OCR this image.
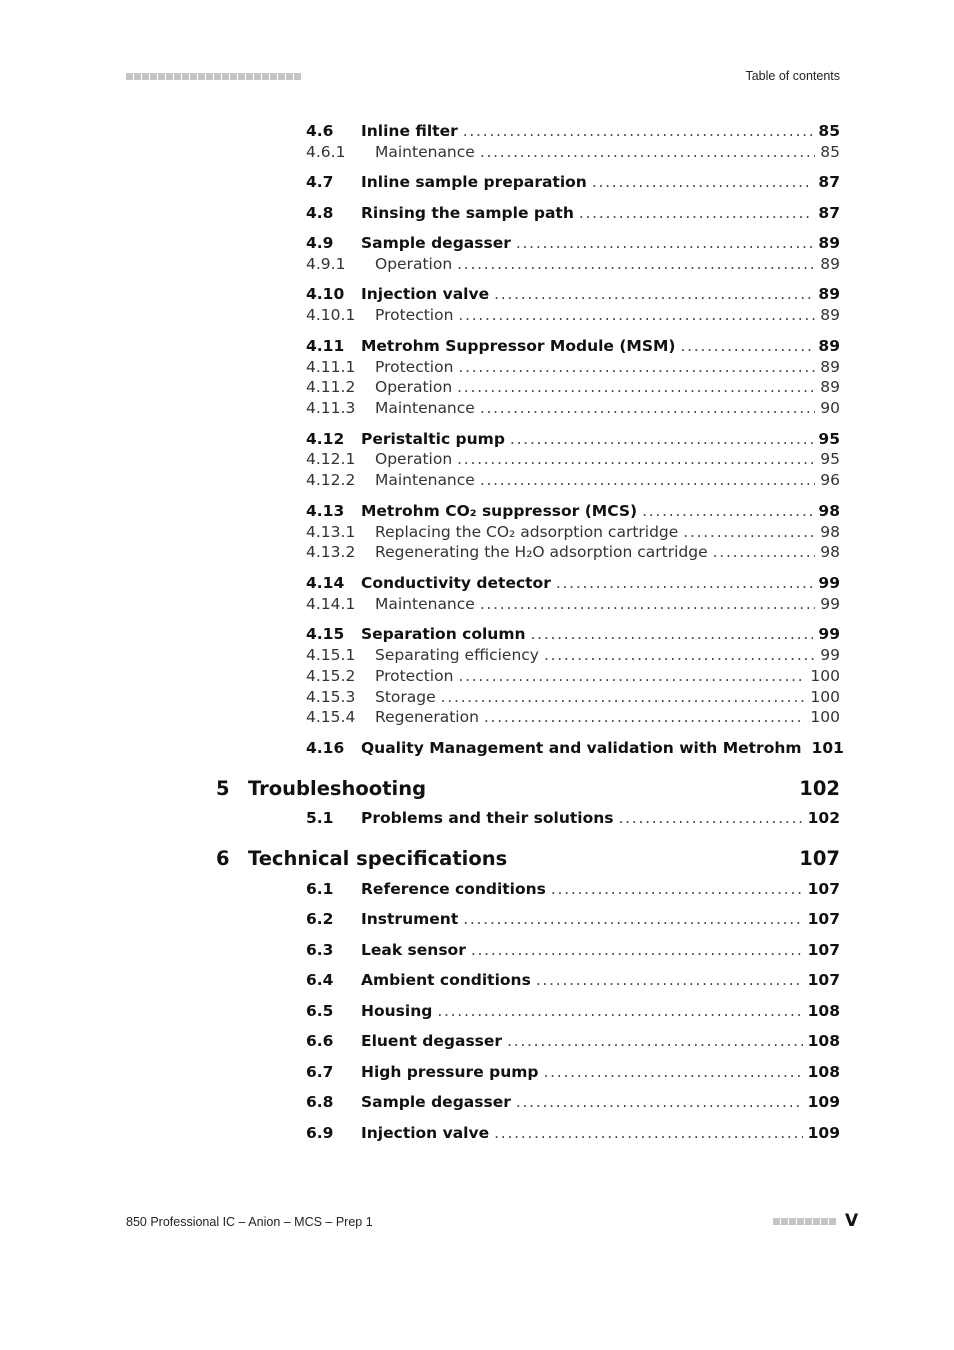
Table of contents
4.6 Inline filter . . .	85
4.6.1 Maintenance . . .	85
4.7 Inline sample preparation . . .	87
4.8 Rinsing the sample path . . .	87
4.9 Sample degasser . . .	89
4.9.1 Operation . . .	89
4.10 Injection valve . . .	89
4.10.1 Protection . . .	89
4.11 Metrohm Suppressor Module (MSM) . . .	89
4.11.1 Protection . . .	89
4.11.2 Operation . . .	89
4.11.3 Maintenance . . .	90
4.12 Peristaltic pump . . .	95
4.12.1 Operation . . .	95
4.12.2 Maintenance . . .	96
4.13 Metrohm CO₂ suppressor (MCS) . . .	98
4.13.1 Replacing the CO₂ adsorption cartridge . . .	98
4.13.2 Regenerating the H₂O adsorption cartridge . . .	98
4.14 Conductivity detector . . .	99
4.14.1 Maintenance . . .	99
4.15 Separation column . . .	99
4.15.1 Separating efficiency . . .	99
4.15.2 Protection . . .	100
4.15.3 Storage . . .	100
4.15.4 Regeneration . . .	100
4.16 Quality Management and validation with Metrohm 101
5 Troubleshooting	102
5.1 Problems and their solutions . . .	102
6 Technical specifications	107
6.1 Reference conditions . . .	107
6.2 Instrument . . .	107
6.3 Leak sensor . . .	107
6.4 Ambient conditions . . .	107
6.5 Housing . . .	108
6.6 Eluent degasser . . .	108
6.7 High pressure pump . . .	108
6.8 Sample degasser . . .	109
6.9 Injection valve . . .	109
850 Professional IC – Anion – MCS – Prep 1	V
